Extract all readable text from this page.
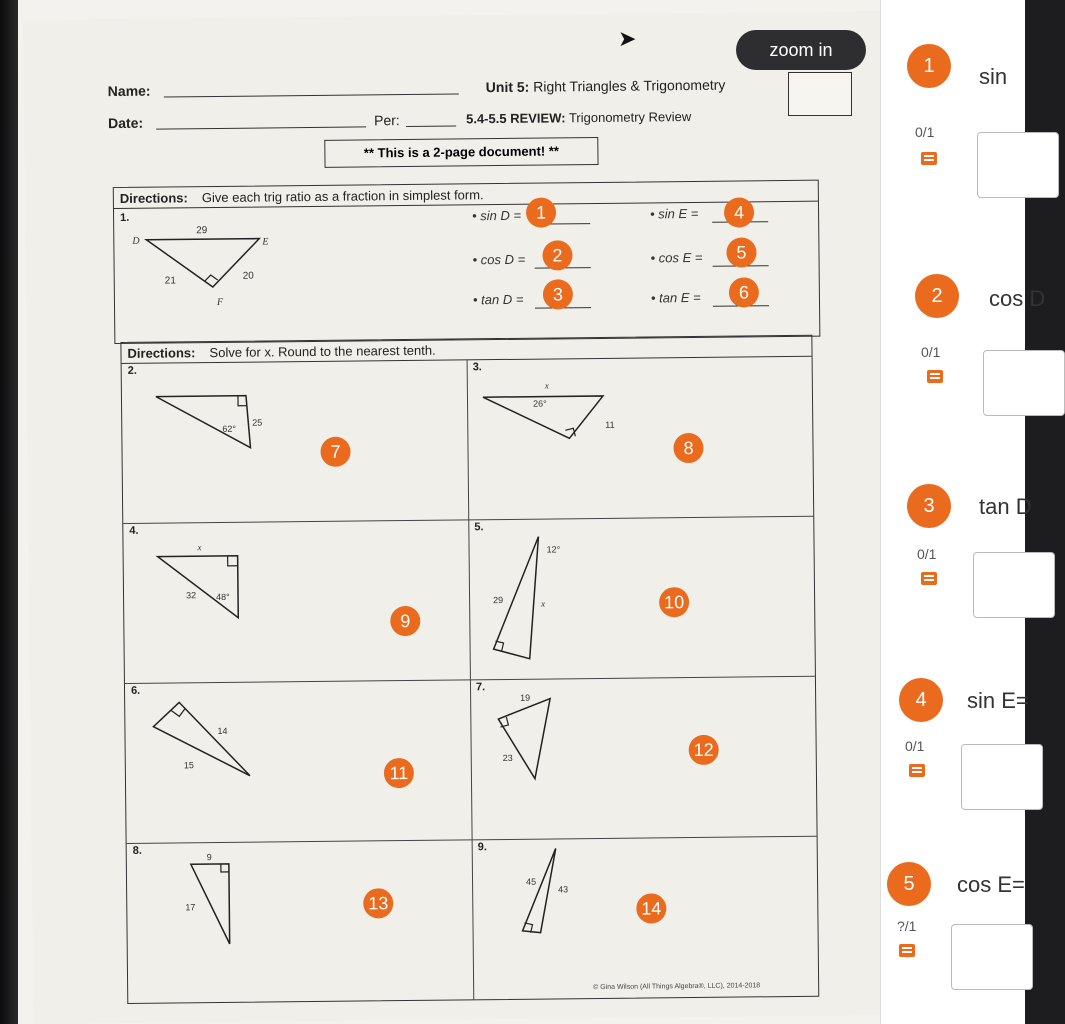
Name:
Date:	Per:
Unit 5: Right Triangles & Trigonometry
5.4-5.5 REVIEW: Trigonometry Review
** This is a 2-page document! **
Directions: Give each trig ratio as a fraction in simplest form.
1.
D	E
F
29
21	20
• sin D = 1
• cos D =	2
• tan D =	3
• sin E =	4
• cos E =	5
• tan E =	6
Directions: Solve for x. Round to the nearest tenth.
2.
62°
25
7
3.
26°
11
x
8
4.
x
32 48°
9
5.
12°
29	x	10
6.
14
15	11
7.
19
23	12
8.
9
17	13
9.
45
43
14
© Gina Wilson (All Things Algebra®, LLC), 2014-2018
zoom in
➤
1	sin
0/1
2	cos D
0/1
3	tan D
0/1
4	sin E=
0/1
5	cos E=
?/1
